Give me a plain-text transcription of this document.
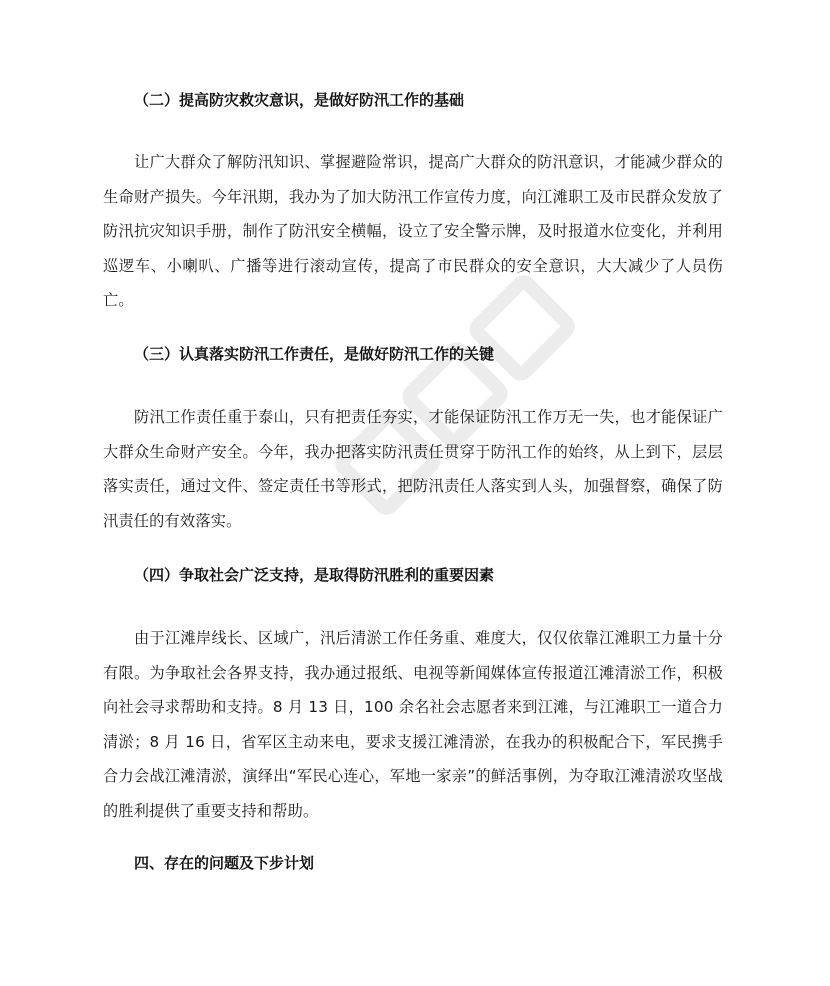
（二）提高防灾救灾意识，是做好防汛工作的基础
让广大群众了解防汛知识、掌握避险常识，提高广大群众的防汛意识，才能减少群众的生命财产损失。今年汛期，我办为了加大防汛工作宣传力度，向江滩职工及市民群众发放了防汛抗灾知识手册，制作了防汛安全横幅，设立了安全警示牌，及时报道水位变化，并利用巡逻车、小喇叭、广播等进行滚动宣传，提高了市民群众的安全意识，大大减少了人员伤亡。
（三）认真落实防汛工作责任，是做好防汛工作的关键
防汛工作责任重于泰山，只有把责任夯实，才能保证防汛工作万无一失，也才能保证广大群众生命财产安全。今年，我办把落实防汛责任贯穿于防汛工作的始终，从上到下，层层落实责任，通过文件、签定责任书等形式，把防汛责任人落实到人头，加强督察，确保了防汛责任的有效落实。
（四）争取社会广泛支持，是取得防汛胜利的重要因素
由于江滩岸线长、区域广，汛后清淤工作任务重、难度大，仅仅依靠江滩职工力量十分有限。为争取社会各界支持，我办通过报纸、电视等新闻媒体宣传报道江滩清淤工作，积极向社会寻求帮助和支持。8 月 13 日，100 余名社会志愿者来到江滩，与江滩职工一道合力清淤；8 月 16 日，省军区主动来电，要求支援江滩清淤，在我办的积极配合下，军民携手合力会战江滩清淤，演绎出“军民心连心，军地一家亲”的鲜活事例，为夺取江滩清淤攻坚战的胜利提供了重要支持和帮助。
四、存在的问题及下步计划
